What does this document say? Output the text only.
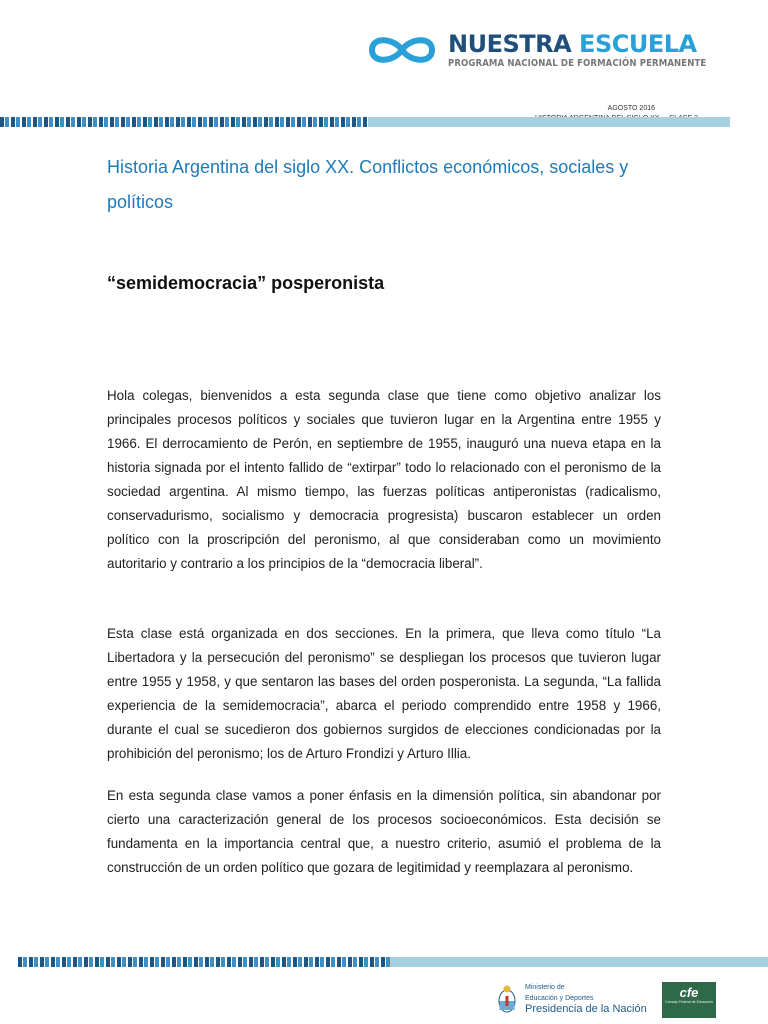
NUESTRA ESCUELA
PROGRAMA NACIONAL DE FORMACIÓN PERMANENTE
AGOSTO 2016
Historia Argentina del siglo XX. Conflictos económicos, sociales y políticos
“semidemocracia” posperonista
Hola colegas, bienvenidos a esta segunda clase que tiene como objetivo analizar los principales procesos políticos y sociales que tuvieron lugar en la Argentina entre 1955 y 1966. El derrocamiento de Perón, en septiembre de 1955, inauguró una nueva etapa en la historia signada por el intento fallido de “extirpar” todo lo relacionado con el peronismo de la sociedad argentina. Al mismo tiempo, las fuerzas políticas antiperonistas (radicalismo, conservadurismo, socialismo y democracia progresista) buscaron establecer un orden político con la proscripción del peronismo, al que consideraban como un movimiento autoritario y contrario a los principios de la “democracia liberal”.
Esta clase está organizada en dos secciones. En la primera, que lleva como título “La Libertadora y la persecución del peronismo” se despliegan los procesos que tuvieron lugar entre 1955 y 1958, y que sentaron las bases del orden posperonista. La segunda, “La fallida experiencia de la semidemocracia”, abarca el periodo comprendido entre 1958 y 1966, durante el cual se sucedieron dos gobiernos surgidos de elecciones condicionadas por la prohibición del peronismo; los de Arturo Frondizi y Arturo Illia.
En esta segunda clase vamos a poner énfasis en la dimensión política, sin abandonar por cierto una caracterización general de los procesos socioeconómicos. Esta decisión se fundamenta en la importancia central que, a nuestro criterio, asumió el problema de la construcción de un orden político que gozara de legitimidad y reemplazara al peronismo.
Ministerio de
Educación y Deportes
Presidencia de la Nación
cfe
Consejo Federal de Educación
